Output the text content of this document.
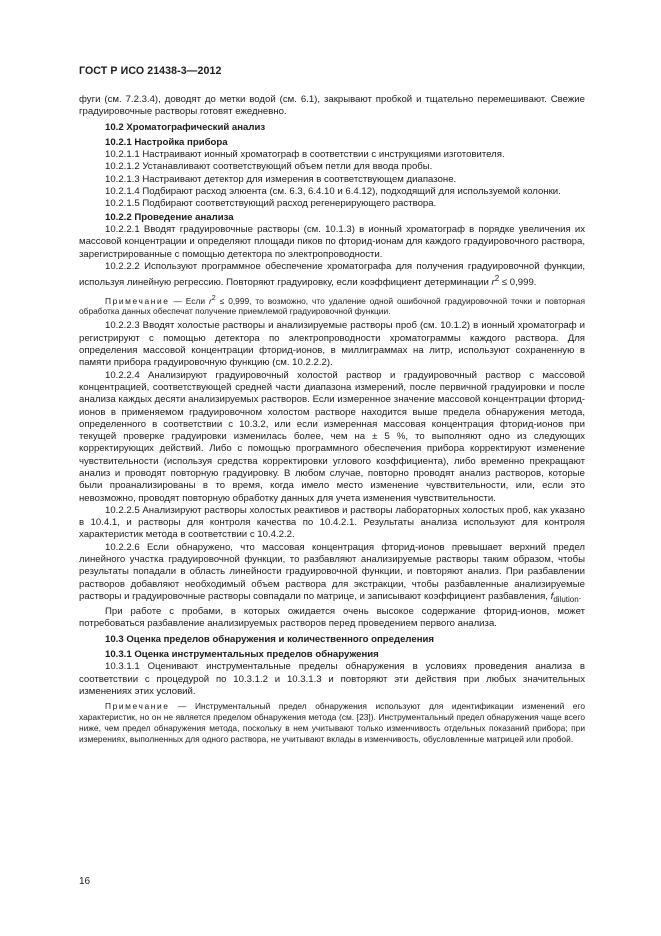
ГОСТ Р ИСО 21438-3—2012

фуги (см. 7.2.3.4), доводят до метки водой (см. 6.1), закрывают пробкой и тщательно перемешивают. Свежие градуировочные растворы готовят ежедневно.

10.2 Хроматографический анализ

10.2.1 Настройка прибора

10.2.1.1 Настраивают ионный хроматограф в соответствии с инструкциями изготовителя.

10.2.1.2 Устанавливают соответствующий объем петли для ввода пробы.

10.2.1.3 Настраивают детектор для измерения в соответствующем диапазоне.

10.2.1.4 Подбирают расход элюента (см. 6.3, 6.4.10 и 6.4.12), подходящий для используемой колонки.

10.2.1.5 Подбирают соответствующий расход регенерирующего раствора.

10.2.2 Проведение анализа

10.2.2.1 Вводят градуировочные растворы (см. 10.1.3) в ионный хроматограф в порядке увеличения их массовой концентрации и определяют площади пиков по фторид-ионам для каждого градуировочного раствора, зарегистрированные с помощью детектора по электропроводности.

10.2.2.2 Используют программное обеспечение хроматографа для получения градуировочной функции, используя линейную регрессию. Повторяют градуировку, если коэффициент детерминации $r^2 \le 0,999$.

Примечание — Если $r^2 \le 0,999$, то возможно, что удаление одной ошибочной градуировочной точки и повторная обработка данных обеспечат получение приемлемой градуировочной функции.

10.2.2.3 Вводят холостые растворы и анализируемые растворы проб (см. 10.1.2) в ионный хроматограф и регистрируют с помощью детектора по электропроводности хроматограммы каждого раствора. Для определения массовой концентрации фторид-ионов, в миллиграммах на литр, используют сохраненную в памяти прибора градуировочную функцию (см. 10.2.2.2).

10.2.2.4 Анализируют градуировочный холостой раствор и градуировочный раствор с массовой концентрацией, соответствующей средней части диапазона измерений, после первичной градуировки и после анализа каждых десяти анализируемых растворов. Если измеренное значение массовой концентрации фторид-ионов в применяемом градуировочном холостом растворе находится выше предела обнаружения метода, определенного в соответствии с 10.3.2, или если измеренная массовая концентрация фторид-ионов при текущей проверке градуировки изменилась более, чем на ± 5 %, то выполняют одно из следующих корректирующих действий. Либо с помощью программного обеспечения прибора корректируют изменение чувствительности (используя средства корректировки углового коэффициента), либо временно прекращают анализ и проводят повторную градуировку. В любом случае, повторно проводят анализ растворов, которые были проанализированы в то время, когда имело место изменение чувствительности, или, если это невозможно, проводят повторную обработку данных для учета изменения чувствительности.

10.2.2.5 Анализируют растворы холостых реактивов и растворы лабораторных холостых проб, как указано в 10.4.1, и растворы для контроля качества по 10.4.2.1. Результаты анализа используют для контроля характеристик метода в соответствии с 10.4.2.2.

10.2.2.6 Если обнаружено, что массовая концентрация фторид-ионов превышает верхний предел линейного участка градуировочной функции, то разбавляют анализируемые растворы таким образом, чтобы результаты попадали в область линейности градуировочной функции, и повторяют анализ. При разбавлении растворов добавляют необходимый объем раствора для экстракции, чтобы разбавленные анализируемые растворы и градуировочные растворы совпадали по матрице, и записывают коэффициент разбавления, $f_{dilution}$.

При работе с пробами, в которых ожидается очень высокое содержание фторид-ионов, может потребоваться разбавление анализируемых растворов перед проведением первого анализа.

10.3 Оценка пределов обнаружения и количественного определения

10.3.1 Оценка инструментальных пределов обнаружения

10.3.1.1 Оценивают инструментальные пределы обнаружения в условиях проведения анализа в соответствии с процедурой по 10.3.1.2 и 10.3.1.3 и повторяют эти действия при любых значительных изменениях этих условий.

Примечание — Инструментальный предел обнаружения используют для идентификации изменений его характеристик, но он не является пределом обнаружения метода (см. [23]). Инструментальный предел обнаружения чаще всего ниже, чем предел обнаружения метода, поскольку в нем учитывают только изменчивость отдельных показаний прибора; при измерениях, выполненных для одного раствора, не учитывают вклады в изменчивость, обусловленные матрицей или пробой.

16
